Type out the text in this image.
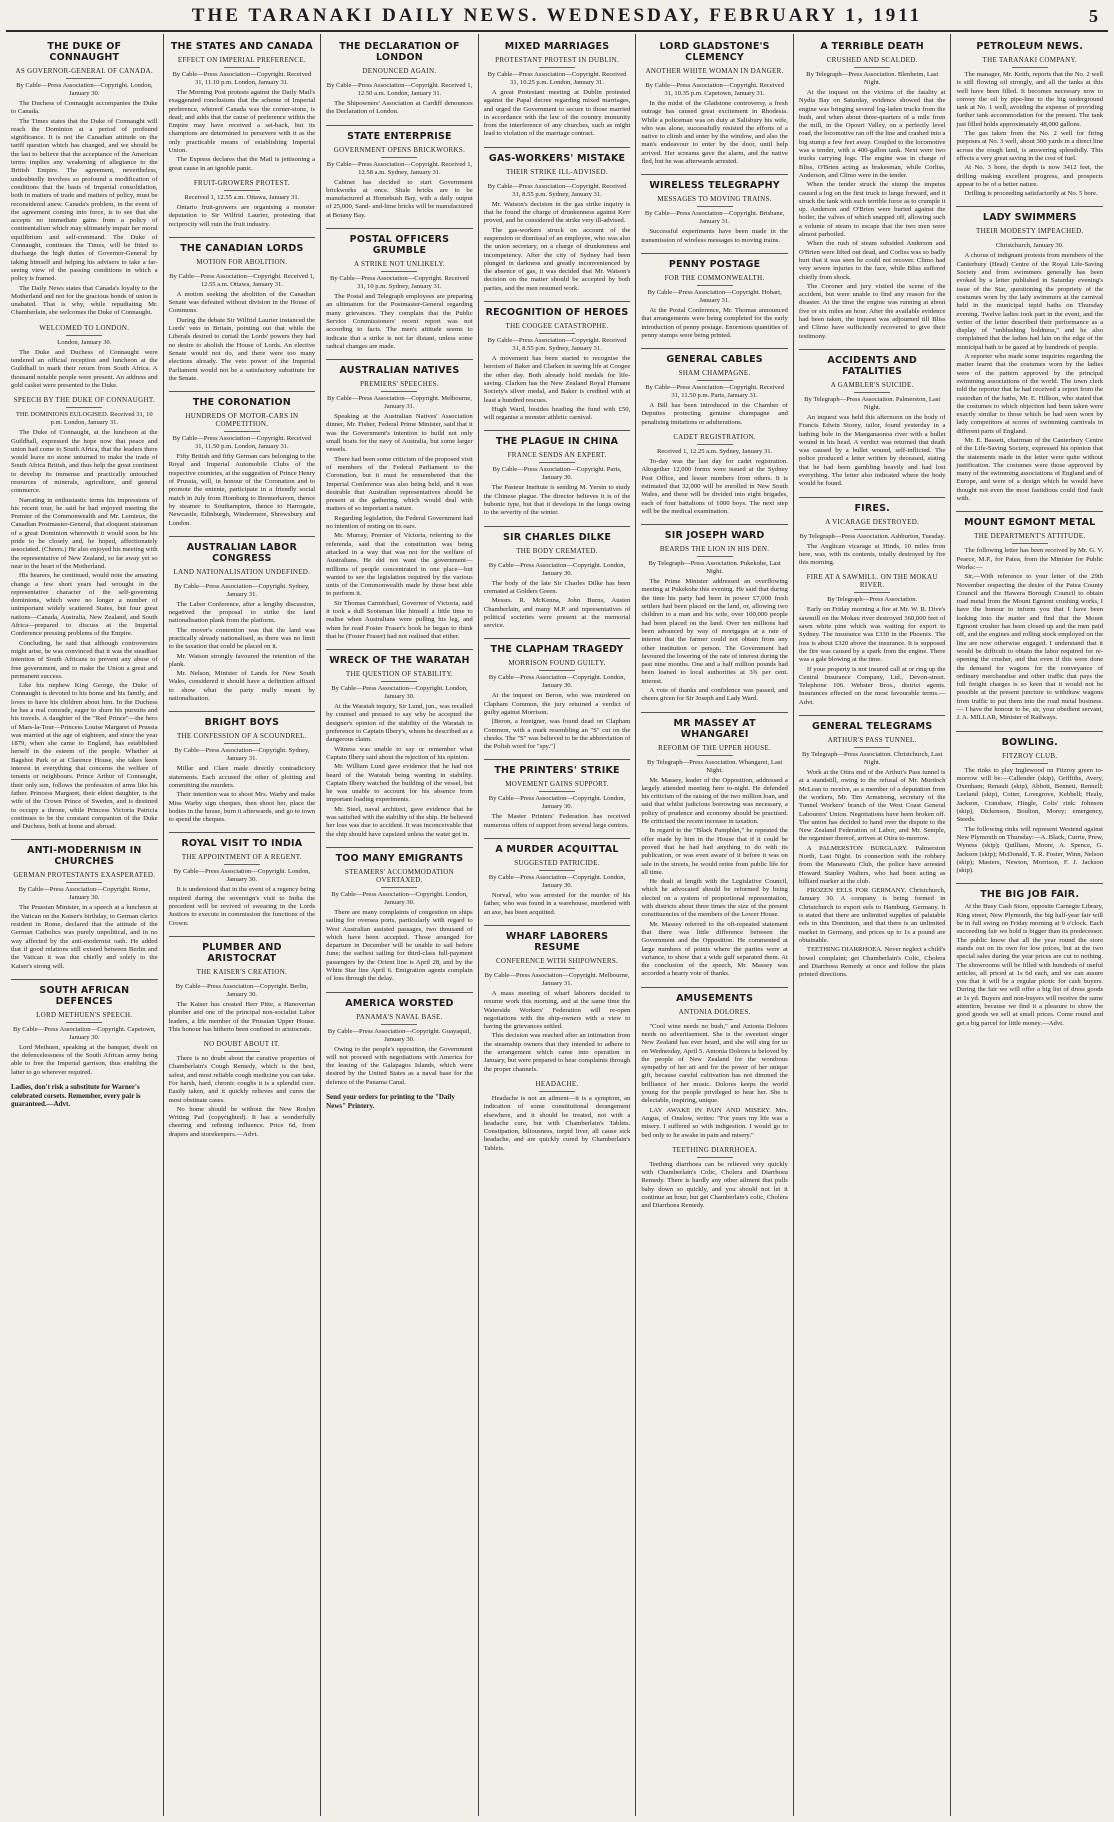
THE TARANAKI DAILY NEWS. WEDNESDAY, FEBRUARY 1, 1911	5
THE DUKE OF CONNAUGHT
AS GOVERNOR-GENERAL OF CANADA.
By Cable—Press Association—Copyright. London, January 30.

The Duchess of Connaught accompanies the Duke to Canada.

The Times states that the Duke of Connaught will reach the Dominion at a period of profound significance. It is not the Canadian attitude on the tariff question which has changed, and we should be the last to believe that the acceptance of the American terms implies any weakening of allegiance to the British Empire. The agreement, nevertheless, undoubtedly involves so profound a modification of conditions that the basis of Imperial consolidation, both in matters of trade and matters of policy, must be reconsidered anew. Canada's problem, in the event of the agreement coming into force, is to see that she accepts no immediate gains from a policy of continentalism which may ultimately impair her moral equilibrium and self-command. The Duke of Connaught, continues the Times, will be fitted to discharge the high duties of Governor-General by taking himself and helping his advisers to take a far-seeing view of the passing conditions in which a policy is framed.

The Daily News states that Canada's loyalty to the Motherland and not for the gracious bonds of union is unabated. That is why, while repudiating Mr. Chamberlain, she welcomes the Duke of Connaught.

WELCOMED TO LONDON.
London, January 30.

The Duke and Duchess of Connaught were tendered an official reception and luncheon at the Guildhall to mark their return from South Africa. A thousand notable people were present. An address and gold casket were presented to the Duke.

SPEECH BY THE DUKE OF CONNAUGHT.
THE DOMINIONS EULOGISED. Received 31, 10 p.m. London, January 31.

The Duke of Connaught, at the luncheon at the Guildhall, expressed the hope now that peace and union had come to South Africa, that the leaders there would leave no stone unturned to make the trade of South Africa British, and thus help the great continent to develop its immense and practically untouched resources of minerals, agriculture, and general commerce.

Narrating in enthusiastic terms his impressions of his recent tour, he said he had enjoyed meeting the Premier of the Commonwealth and Mr. Lemieux, the Canadian Postmaster-General, that eloquent statesman of a great Dominion wherewith it would soon be his pride to be closely and, he hoped, affectionately associated. (Cheers.) He also enjoyed his meeting with the representative of New Zealand, so far away yet so near to the heart of the Motherland.

His hearers, he continued, would note the amazing change a few short years had wrought in the representative character of the self-governing dominions, which were no longer a number of unimportant widely scattered States, but four great nations—Canada, Australia, New Zealand, and South Africa—prepared to discuss at the Imperial Conference pressing problems of the Empire.

Concluding, he said that although controversies might arise, he was convinced that it was the steadfast intention of South Africans to prevent any abuse of free government, and to make the Union a great and permanent success.

Like his nephew King George, the Duke of Connaught is devoted to his home and his family, and loves to have his children about him. In the Duchess he has a real comrade, eager to share his pursuits and his travels. A daughter of the "Red Prince"—the hero of Mars-la-Tour—Princess Louise Margaret of Prussia was married at the age of eighteen, and since the year 1879, when she came to England, has established herself in the esteem of the people. Whether at Bagshot Park or at Clarence House, she takes keen interest in everything that concerns the welfare of tenants or neighbours. Prince Arthur of Connaught, their only son, follows the profession of arms like his father. Princess Margaret, their eldest daughter, is the wife of the Crown Prince of Sweden, and is destined to occupy a throne, while Princess Victoria Patricia continues to be the constant companion of the Duke and Duchess, both at home and abroad.

ANTI-MODERNISM IN CHURCHES
GERMAN PROTESTANTS EXASPERATED.
By Cable—Press Association—Copyright. Rome, January 30.

The Prussian Minister, in a speech at a luncheon at the Vatican on the Kaiser's birthday, to German clerics resident in Rome, declared that the attitude of the German Catholics was purely unpolitical, and in no way affected by the anti-modernist oath. He added that if good relations still existed between Berlin and the Vatican it was due chiefly and solely to the Kaiser's strong will.

SOUTH AFRICAN DEFENCES
LORD METHUEN'S SPEECH.
By Cable—Press Association—Copyright. Capetown, January 30.

Lord Methuen, speaking at the banquet, dwelt on the defencelessness of the South African army being able to free the Imperial garrison, thus enabling the latter to go wherever required.

Ladies, don't risk a substitute for Warner's celebrated corsets. Remember, every pair is guaranteed.—Advt.
THE STATES AND CANADA
EFFECT ON IMPERIAL PREFERENCE.
By Cable—Press Association—Copyright. Received 31, 11.10 p.m. London, January 31.

The Morning Post protests against the Daily Mail's exaggerated conclusions that the scheme of Imperial preference, whereof Canada was the corner-stone, is dead; and adds that the cause of preference within the Empire may have received a set-back, but its champions are determined to persevere with it as the only practicable means of establishing Imperial Union.

The Express declares that the Mail is jettisoning a great cause in an ignoble panic.

FRUIT-GROWERS PROTEST.
Received 1, 12.55 a.m. Ottawa, January 31.

Ontario fruit-growers are organising a monster deputation to Sir Wilfrid Laurier, protesting that reciprocity will ruin the fruit industry.

THE CANADIAN LORDS
MOTION FOR ABOLITION.
By Cable—Press Association—Copyright. Received 1, 12.55 a.m. Ottawa, January 31.

A motion seeking the abolition of the Canadian Senate was defeated without division in the House of Commons.

During the debate Sir Wilfrid Laurier instanced the Lords' veto in Britain, pointing out that while the Liberals desired to curtail the Lords' powers they had no desire to abolish the House of Lords. An elective Senate would not do, and there were too many elections already. The veto power of the Imperial Parliament would not be a satisfactory substitute for the Senate.

THE CORONATION
HUNDREDS OF MOTOR-CARS IN COMPETITION.
By Cable—Press Association—Copyright. Received 31, 11.50 p.m. London, January 31.

Fifty British and fifty German cars belonging to the Royal and Imperial Automobile Clubs of the respective countries, at the suggestion of Prince Henry of Prussia, will, in honour of the Coronation and to promote the entente, participate in a friendly social match in July from Homburg to Bremerhaven, thence by steamer to Southampton, thence to Harrogate, Newcastle, Edinburgh, Windermere, Shrewsbury and London.

AUSTRALIAN LABOR CONGRESS
LAND NATIONALISATION UNDEFINED.
By Cable—Press Association—Copyright. Sydney, January 31.

The Labor Conference, after a lengthy discussion, negatived the proposal to strike the land nationalisation plank from the platform.

The mover's contention was that the land was practically already nationalised, as there was no limit to the taxation that could be placed on it.

Mr. Watson strongly favoured the retention of the plank.

Mr. Nelson, Minister of Lands for New South Wales, considered it should have a definition affixed to show what the party really meant by nationalisation.

BRIGHT BOYS
THE CONFESSION OF A SCOUNDREL.
By Cable—Press Association—Copyright. Sydney, January 31.

Millar and Clare made directly contradictory statements. Each accused the other of plotting and committing the murders.

Their intention was to shoot Mrs. Warby and make Miss Warby sign cheques, then shoot her, place the bodies in the house, burn it afterwards, and go to town to spend the cheques.

ROYAL VISIT TO INDIA
THE APPOINTMENT OF A REGENT.
By Cable—Press Association—Copyright. London, January 30.

It is understood that in the event of a regency being required during the sovereign's visit to India the precedent will be revived of swearing in the Lords Justices to execute in commission the functions of the Crown.

PLUMBER AND ARISTOCRAT
THE KAISER'S CREATION.
By Cable—Press Association—Copyright. Berlin, January 30.

The Kaiser has created Herr Pitte, a Hanoverian plumber and one of the principal non-socialist Labor leaders, a life member of the Prussian Upper House. This honour has hitherto been confined to aristocrats.

NO DOUBT ABOUT IT.

There is no doubt about the curative properties of Chamberlain's Cough Remedy, which is the best, safest, and most reliable cough medicine you can take. For harsh, hard, chronic coughs it is a splendid cure. Easily taken, and it quickly relieves and cures the most obstinate cases.

No home should be without the New Roslyn Writing Pad (copyrighted). It has a wonderfully cheering and refining influence. Price 6d, from drapers and storekeepers.—Advt.

THE DECLARATION OF LONDON
DENOUNCED AGAIN.
By Cable—Press Association—Copyright. Received 1, 12.50 a.m. London, January 31.

The Shipowners' Association at Cardiff denounces the Declaration of London.

STATE ENTERPRISE
GOVERNMENT OPENS BRICKWORKS.
By Cable—Press Association—Copyright. Received 1, 12.58 a.m. Sydney, January 31.

Cabinet has decided to start Government brickworks at once. Shale bricks are to be manufactured at Homebush Bay, with a daily output of 25,000, Sand- and-lime bricks will be manufactured at Botany Bay.

POSTAL OFFICERS GRUMBLE
A STRIKE NOT UNLIKELY.
By Cable—Press Association—Copyright. Received 31, 10 p.m. Sydney, January 31.

The Postal and Telegraph employees are preparing an ultimatum for the Postmaster-General regarding many grievances. They complain that the Public Service Commissioners' recent report was not according to facts. The men's attitude seems to indicate that a strike is not far distant, unless some radical changes are made.

AUSTRALIAN NATIVES
PREMIERS' SPEECHES.
By Cable—Press Association—Copyright. Melbourne, January 31.

Speaking at the Australian Natives' Association dinner, Mr. Fisher, Federal Prime Minister, said that it was the Government's intention to build not only small boats for the navy of Australia, but some larger vessels.

There had been some criticism of the proposed visit of members of the Federal Parliament to the Coronation, but it must be remembered that the Imperial Conference was also being held, and it was desirable that Australian representatives should be present at the gathering, which would deal with matters of so important a nature.

Regarding legislation, the Federal Government had no intention of resting on its oars.

Mr. Murray, Premier of Victoria, referring to the referenda, said that the constitution was being attacked in a way that was not for the welfare of Australians. He did not want the government—millions of people concentrated in one place—but wanted to see the legislation required by the various units of the Commonwealth made by those best able to perform it.

Sir Thomas Carmichael, Governor of Victoria, said it took a dull Scotsman like himself a little time to realise when Australians were pulling his leg, and when he read Foster Fraser's book he began to think that he (Foster Fraser) had not realised that either.

WRECK OF THE WARATAH
THE QUESTION OF STABILITY.
By Cable—Press Association—Copyright. London, January 30.

At the Waratah inquiry, Sir Lund, jun., was recalled by counsel and pressed to say why he accepted the designer's opinion of the stability of the Waratah in preference to Captain Ilbery's, whom he described as a dangerous claim.

Witness was unable to say or remember what Captain Ilbery said about the rejection of his opinion.

Mr. William Lund gave evidence that he had not heard of the Waratah being wanting in stability. Captain Ilbery watched the building of the vessel, but he was unable to account for his absence from important loading experiments.

Mr. Steel, naval architect, gave evidence that he was satisfied with the stability of the ship. He believed her loss was due to accident. It was inconceivable that the ship should have capsized unless the water got in.

TOO MANY EMIGRANTS
STEAMERS' ACCOMMODATION OVERTAXED.
By Cable—Press Association—Copyright. London, January 30.

There are many complaints of congestion on ships sailing for oversea ports, particularly with regard to West Australian assisted passages, two thousand of which have been accepted. Those arranged for departure in December will be unable to sail before June; the earliest sailing for third-class full-payment passengers by the Orient line is April 28, and by the White Star line April 6. Emigration agents complain of loss through the delay.

AMERICA WORSTED
PANAMA'S NAVAL BASE.
By Cable—Press Association—Copyright. Guayaquil, January 30.

Owing to the people's opposition, the Government will not proceed with negotiations with America for the leasing of the Galapagos Islands, which were desired by the United States as a naval base for the defence of the Panama Canal.

Send your orders for printing to the "Daily News" Printery.
MIXED MARRIAGES
PROTESTANT PROTEST IN DUBLIN.
By Cable—Press Association—Copyright. Received 31, 10.25 p.m. London, January 31.

A great Protestant meeting at Dublin protested against the Papal decree regarding mixed marriages, and urged the Government to secure to those married in accordance with the law of the country immunity from the interference of any churches, such as might lead to violation of the marriage contract.

GAS-WORKERS' MISTAKE
THEIR STRIKE ILL-ADVISED.
By Cable—Press Association—Copyright. Received 31, 8.55 p.m. Sydney, January 31.

Mr. Watson's decision in the gas strike inquiry is that he found the charge of drunkenness against Kerr proved, and he considered the strike very ill-advised.

The gas-workers struck on account of the suspension or dismissal of an employee, who was also the union secretary, on a charge of drunkenness and incompetency. After the city of Sydney had been plunged in darkness and greatly inconvenienced by the absence of gas, it was decided that Mr. Watson's decision on the matter should be accepted by both parties, and the men resumed work.

RECOGNITION OF HEROES
THE COOGEE CATASTROPHE.
By Cable—Press Association—Copyright. Received 31, 8.55 p.m. Sydney, January 31.

A movement has been started to recognise the heroism of Baker and Clarken in saving life at Coogee the other day. Both already hold medals for life-saving. Clarken has the New Zealand Royal Humane Society's silver medal, and Baker is credited with at least a hundred rescues.

Hugh Ward, besides heading the fund with £50, will organise a monster athletic carnival.

THE PLAGUE IN CHINA
FRANCE SENDS AN EXPERT.
By Cable—Press Association—Copyright. Paris, January 30.

The Pasteur Institute is sending M. Yersin to study the Chinese plague. The director believes it is of the bubonic type, but that it develops in the lungs owing to the severity of the winter.

SIR CHARLES DILKE
THE BODY CREMATED.
By Cable—Press Association—Copyright. London, January 30.

The body of the late Sir Charles Dilke has been cremated at Golders Green.

Messrs. R. McKenna, John Burns, Austen Chamberlain, and many M.P. and representatives of political societies were present at the memorial service.

THE CLAPHAM TRAGEDY
MORRISON FOUND GUILTY.
By Cable—Press Association—Copyright. London, January 30.

At the inquest on Beron, who was murdered on Clapham Common, the jury returned a verdict of guilty against Morrison.

[Beron, a foreigner, was found dead on Clapham Common, with a mark resembling an "S" cut on the cheeks. The "S" was believed to be the abbreviation of the Polish word for "spy."]

THE PRINTERS' STRIKE
MOVEMENT GAINS SUPPORT.
By Cable—Press Association—Copyright. London, January 30.

The Master Printers' Federation has received numerous offers of support from several large centres.

A MURDER ACQUITTAL
SUGGESTED PATRICIDE.
By Cable—Press Association—Copyright. London, January 30.

Norval, who was arrested for the murder of his father, who was found in a warehouse, murdered with an axe, has been acquitted.

WHARF LABORERS RESUME
CONFERENCE WITH SHIPOWNERS.
By Cable—Press Association—Copyright. Melbourne, January 31.

A mass meeting of wharf laborers decided to resume work this morning, and at the same time the Waterside Workers' Federation will re-open negotiations with the ship-owners with a view to having the grievances settled.

This decision was reached after an intimation from the steamship owners that they intended to adhere to the arrangement which came into operation in January, but were prepared to hear complaints through the proper channels.

HEADACHE.

Headache is not an ailment—it is a symptom, an indication of some constitutional derangement elsewhere, and it should be treated, not with a headache cure, but with Chamberlain's Tablets. Constipation, biliousness, torpid liver, all cause sick headache, and are quickly cured by Chamberlain's Tablets.

LORD GLADSTONE'S CLEMENCY
ANOTHER WHITE WOMAN IN DANGER.
By Cable—Press Association—Copyright. Received 31, 10.35 p.m. Capetown, January 31.

In the midst of the Gladstone controversy, a fresh outrage has caused great excitement in Rhodesia. While a policeman was on duty at Salisbury his wife, who was alone, successfully resisted the efforts of a native to climb and enter by the window, and also the man's endeavour to enter by the door, until help arrived. Her screams gave the alarm, and the native fled, but he was afterwards arrested.

WIRELESS TELEGRAPHY
MESSAGES TO MOVING TRAINS.
By Cable—Press Association—Copyright. Brisbane, January 31.

Successful experiments have been made in the transmission of wireless messages to moving trains.

PENNY POSTAGE
FOR THE COMMONWEALTH.
By Cable—Press Association—Copyright. Hobart, January 31.

At the Postal Conference, Mr. Thomas announced that arrangements were being completed for the early introduction of penny postage. Enormous quantities of penny stamps were being printed.

GENERAL CABLES
SHAM CHAMPAGNE.
By Cable—Press Association—Copyright. Received 31, 11.50 p.m. Paris, January 31.

A Bill has been introduced in the Chamber of Deputies protecting genuine champagne and penalising imitations or adulterations.

CADET REGISTRATION.
Received 1, 12.25 a.m. Sydney, January 31.

To-day was the last day for cadet registration. Altogether 12,000 forms were issued at the Sydney Post Office, and lesser numbers from others. It is estimated that 32,000 will be enrolled in New South Wales, and these will be divided into eight brigades, each of four battalions of 1000 boys. The next step will be the medical examination.

SIR JOSEPH WARD
BEARDS THE LION IN HIS DEN.
By Telegraph—Press Association. Pukekohe, Last Night.

The Prime Minister addressed an overflowing meeting at Pukekohe this evening. He said that during the time his party had been in power £7,000 fresh settlers had been placed on the land, or, allowing two children to a man and his wife, over 100,000 people had been placed on the land. Over ten millions had been advanced by way of mortgages at a rate of interest that the farmer could not obtain from any other institution or person. The Government had favoured the lowering of the rate of interest during the past nine months. One and a half million pounds had been loaned to local authorities at 3¾ per cent. interest.

A vote of thanks and confidence was passed, and cheers given for Sir Joseph and Lady Ward.

MR MASSEY AT WHANGAREI
REFORM OF THE UPPER HOUSE.
By Telegraph—Press Association. Whangarei, Last Night.

Mr. Massey, leader of the Opposition, addressed a largely attended meeting here to-night. He defended his criticism of the raising of the two million loan, and said that whilst judicious borrowing was necessary, a policy of prudence and economy should be practised. He criticised the recent increase in taxation.

In regard to the "Black Pamphlet," he repeated the offer made by him in the House that if it could be proved that he had had anything to do with its publication, or was even aware of it before it was on sale in the streets, he would retire from public life for all time.

He dealt at length with the Legislative Council, which he advocated should be reformed by being elected on a system of proportional representation, with districts about three times the size of the present constituencies of the members of the Lower House.

Mr. Massey referred to the oft-repeated statement that there was little difference between the Government and the Opposition. He commented at large numbers of points where the parties were at variance, to show that a wide gulf separated them. At the conclusion of the speech, Mr. Massey was accorded a hearty vote of thanks.

AMUSEMENTS
ANTONIA DOLORES.

"Cool wine needs no bush," and Antonia Dolores needs no advertisement. She is the sweetest singer New Zealand has ever heard, and she will sing for us on Wednesday, April 5. Antonia Dolores is beloved by the people of New Zealand for the wondrous sympathy of her art and for the power of her unique gift, because careful cultivation has not dimmed the brilliance of her music. Dolores keeps the world young for the people privileged to hear her. She is delectable, inspiring, unique.

LAY AWAKE IN PAIN AND MISERY. Mrs. Angus, of Onslow, writes: "For years my life was a misery. I suffered so with indigestion. I would go to bed only to lie awake in pain and misery."

TEETHING DIARRHOEA.

Teething diarrhoea can be relieved very quickly with Chamberlain's Colic, Cholera and Diarrhoea Remedy. There is hardly any other ailment that pulls baby down so quickly, and you should not let it continue an hour, but get Chamberlain's colic, Cholera and Diarrhoea Remedy.

A TERRIBLE DEATH
CRUSHED AND SCALDED.
By Telegraph—Press Association. Blenheim, Last Night.

At the inquest on the victims of the fatality at Nydia Bay on Saturday, evidence showed that the engine was bringing several log-laden trucks from the bush, and when about three-quarters of a mile from the mill, in the Opouri Valley, on a perfectly level road, the locomotive ran off the line and crashed into a big stump a few feet away. Coupled to the locomotive was a tender, with a 400-gallon tank. Next were two trucks carrying logs. The engine was in charge of Bliss, O'Brien acting as brakesman, while Corliss, Anderson, and Climo were in the tender.

When the tender struck the stump the impetus caused a log on the first truck to lunge forward, and it struck the tank with such terrible force as to crumple it up. Anderson and O'Brien were buried against the boiler, the valves of which snapped off, allowing such a volume of steam to escape that the two men were almost parboiled.

When the rush of steam subsided Anderson and O'Brien were lifted out dead, and Corliss was so badly hurt that it was seen he could not recover. Climo had very severe injuries to the face, while Bliss suffered chiefly from shock.

The Coroner and jury visited the scene of the accident, but were unable to find any reason for the disaster. At the time the engine was running at about five or six miles an hour. After the available evidence had been taken, the inquest was adjourned till Bliss and Climo have sufficiently recovered to give their testimony.

ACCIDENTS AND FATALITIES
A GAMBLER'S SUICIDE.
By Telegraph—Press Association. Palmerston, Last Night.

An inquest was held this afternoon on the body of Francis Edwin Storey, tailor, found yesterday in a bathing hole in the Manganaonoa river with a bullet wound in his head. A verdict was returned that death was caused by a bullet wound, self-inflicted. The police produced a letter written by deceased, stating that he had been gambling heavily and had lost everything. The letter also indicated where the body would be found.

FIRES.
A VICARAGE DESTROYED.
By Telegraph—Press Association. Ashburton, Tuesday.

The Anglican vicarage at Hinds, 10 miles from here, was, with its contents, totally destroyed by fire this morning.

FIRE AT A SAWMILL. ON THE MOKAU RIVER.
By Telegraph—Press Association.

Early on Friday morning a fire at Mr. W. R. Dive's sawmill on the Mokau river destroyed 360,000 feet of sawn white pine which was waiting for export to Sydney. The insurance was £330 in the Phoenix. The loss is about £320 above the insurance. It is supposed the fire was caused by a spark from the engine. There was a gale blowing at the time.

If your property is not insured call at or ring up the Central Insurance Company, Ltd., Devon-street. Telephone 106. Webster Bros., district agents. Insurances effected on the most favourable terms.—Advt.

GENERAL TELEGRAMS
ARTHUR'S PASS TUNNEL.
By Telegraph—Press Association. Christchurch, Last Night.

Work at the Otira end of the Arthur's Pass tunnel is at a standstill, owing to the refusal of Mr. Murdoch McLean to receive, as a member of a deputation from the workers, Mr. Tim Armstrong, secretary of the Tunnel Workers' branch of the West Coast General Labourers' Union. Negotiations have been broken off. The union has decided to hand over the dispute to the New Zealand Federation of Labor, and Mr. Semple, the organiser thereof, arrives at Otira to-morrow.

A PALMERSTON BURGLARY. Palmerston North, Last Night. In connection with the robbery from the Manawatu Club, the police have arrested Howard Stanley Walters, who had been acting as billiard marker at the club.

FROZEN EELS FOR GERMANY. Christchurch, January 30. A company is being formed in Christchurch to export eels to Hamburg, Germany. It is stated that there are unlimited supplies of palatable eels in this Dominion, and that there is an unlimited market in Germany, and prices up to 1s a pound are obtainable.

TEETHING DIARRHOEA. Never neglect a child's bowel complaint; get Chamberlain's Colic, Cholera and Diarrhoea Remedy at once and follow the plain printed directions.

PETROLEUM NEWS.
THE TARANAKI COMPANY.

The manager, Mr. Keith, reports that the No. 2 well is still flowing oil strongly, and all the tanks at this well have been filled. It becomes necessary now to convey the oil by pipe-line to the big underground tank at No. 1 well, avoiding the expense of providing further tank accommodation for the present. The tank just filled holds approximately 48,000 gallons.

The gas taken from the No. 2 well for firing purposes at No. 3 well, about 300 yards in a direct line across the rough land, is answering splendidly. This effects a very great saving in the cost of fuel.

At No. 3 bore, the depth is now 3412 feet, the drilling making excellent progress, and prospects appear to be of a better nature.

Drilling is proceeding satisfactorily at No. 5 bore.

LADY SWIMMERS
THEIR MODESTY IMPEACHED.
Christchurch, January 30.

A chorus of indignant protests from members of the Canterbury (Head) Centre of the Royal Life-Saving Society and from swimmers generally has been evoked by a letter published in Saturday evening's issue of the Star, questioning the propriety of the costumes worn by the lady swimmers at the carnival held in the municipal tepid baths on Thursday evening. Twelve ladies took part in the event, and the writer of the letter described their performance as a display of "unblushing boldness," and he also complained that the ladies had lain on the edge of the municipal bath to be gazed at by hundreds of people.

A reporter who made some inquiries regarding the matter learnt that the costumes worn by the ladies were of the pattern approved by the principal swimming associations of the world. The town clerk told the reporter that he had received a report from the custodian of the baths, Mr. E. Hillson, who stated that the costumes to which objection had been taken were exactly similar to those which he had seen worn by lady competitors at scores of swimming carnivals in different parts of England.

Mr. E. Bassett, chairman of the Canterbury Centre of the Life-Saving Society, expressed his opinion that the statements made in the letter were quite without justification. The costumes were those approved by many of the swimming associations of England and of Europe, and were of a design which he would have thought not even the most fastidious could find fault with.

MOUNT EGMONT METAL
THE DEPARTMENT'S ATTITUDE.

The following letter has been received by Mr. G. V. Pearce, M.P., for Patea, from the Minister for Public Works:—

Sir,—With reference to your letter of the 29th November respecting the desire of the Patea County Council and the Hawera Borough Council to obtain road metal from the Mount Egmont crushing works, I have the honour to inform you that I have been looking into the matter and find that the Mount Egmont crusher has been closed up and the men paid off, and the engines and rolling stock employed on the line are now otherwise engaged. I understand that it would be difficult to obtain the labor required for re-opening the crusher, and that even if this were done the demand for wagons for the conveyance of ordinary merchandise and other traffic that pays the full freight charges is so keen that it would not be possible at the present juncture to withdraw wagons from traffic to put them into the road metal business. — I have the honour to be, sir, your obedient servant, J. A. MILLAR, Minister of Railways.

BOWLING.
FITZROY CLUB.

The rinks to play Inglewood on Fitzroy green to-morrow will be:—Callender (skip), Griffiths, Avery, Oxenham; Renault (skip), Abbott, Bennett, Rennell; Leeland (skip), Cotter, Lovegrove, Kebbell; Healy, Jackson, Cranshaw, Hingle, Colts' rink: Johnson (skip), Dickenson, Boulton, Morey; emergency, Steeds.

The following rinks will represent Westend against New Plymouth on Thursday:—A. Black, Currie, Prew, Wyness (skip); Quilliam, Moore, A. Spence, G. Jackson (skip); McDonald, T. R. Foster, Winn, Nelson (skip); Masters, Newton, Morrison, F. J. Jackson (skip).

THE BIG JOB FAIR.

At the Busy Cash Store, opposite Carnegie Library, King street, New Plymouth, the big half-year fair will be in full swing on Friday morning at 9 o'clock. Each succeeding fair we hold is bigger than its predecessor. The public know that all the year round the store stands out on its own for low prices, but at the two special sales during the year prices are cut to nothing. The showrooms will be filled with hundreds of useful articles, all priced at 1s 6d each, and we can assure you that it will be a regular picnic for cash buyers. During the fair we will offer a big list of dress goods at 1s yd. Buyers and non-buyers will receive the same attention, because we find it a pleasure to show the good goods we sell at small prices. Come round and get a big parcel for little money.—Advt.
